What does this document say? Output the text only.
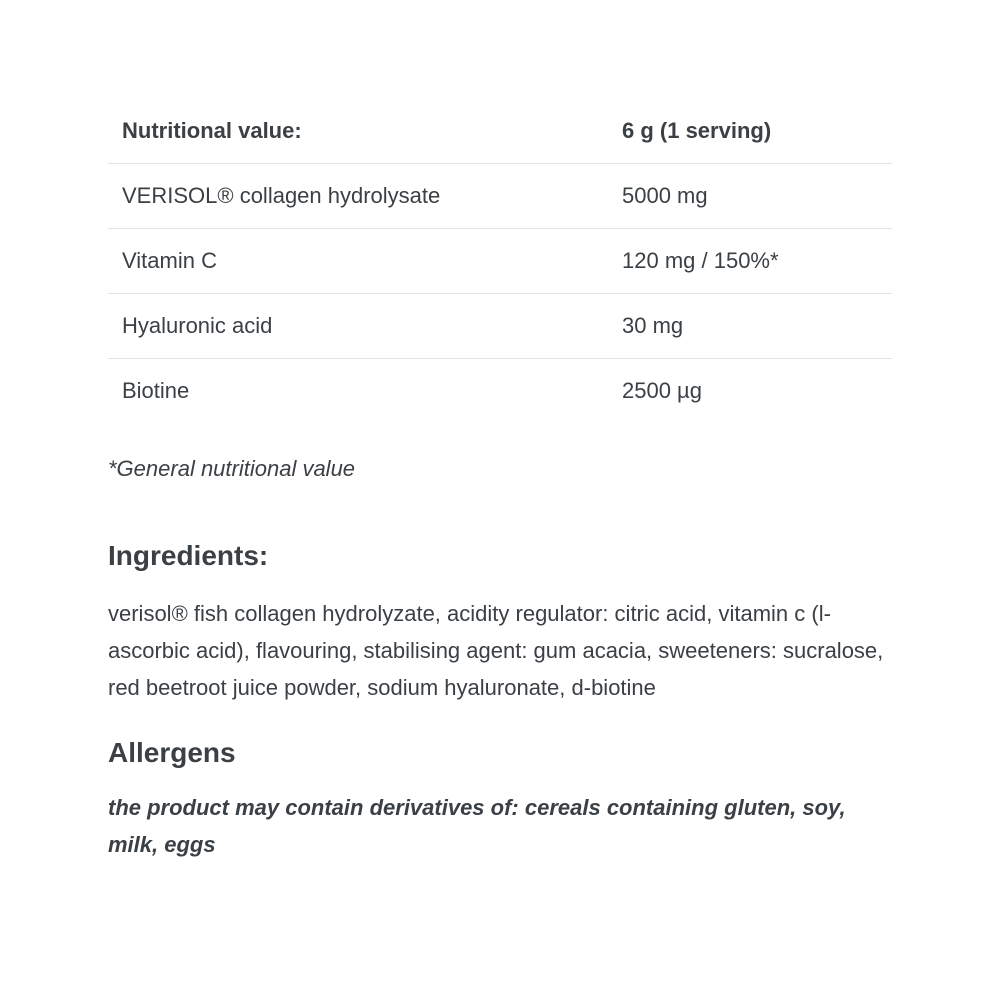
Nutritional value:	6 g (1 serving)
VERISOL® collagen hydrolysate	5000 mg
Vitamin C	120 mg / 150%*
Hyaluronic acid	30 mg
Biotine	2500 µg

*General nutritional value

Ingredients:

verisol® fish collagen hydrolyzate, acidity regulator: citric acid, vitamin c (l-ascorbic acid), flavouring, stabilising agent: gum acacia, sweeteners: sucralose, red beetroot juice powder, sodium hyaluronate, d-biotine

Allergens

the product may contain derivatives of: cereals containing gluten, soy, milk, eggs
